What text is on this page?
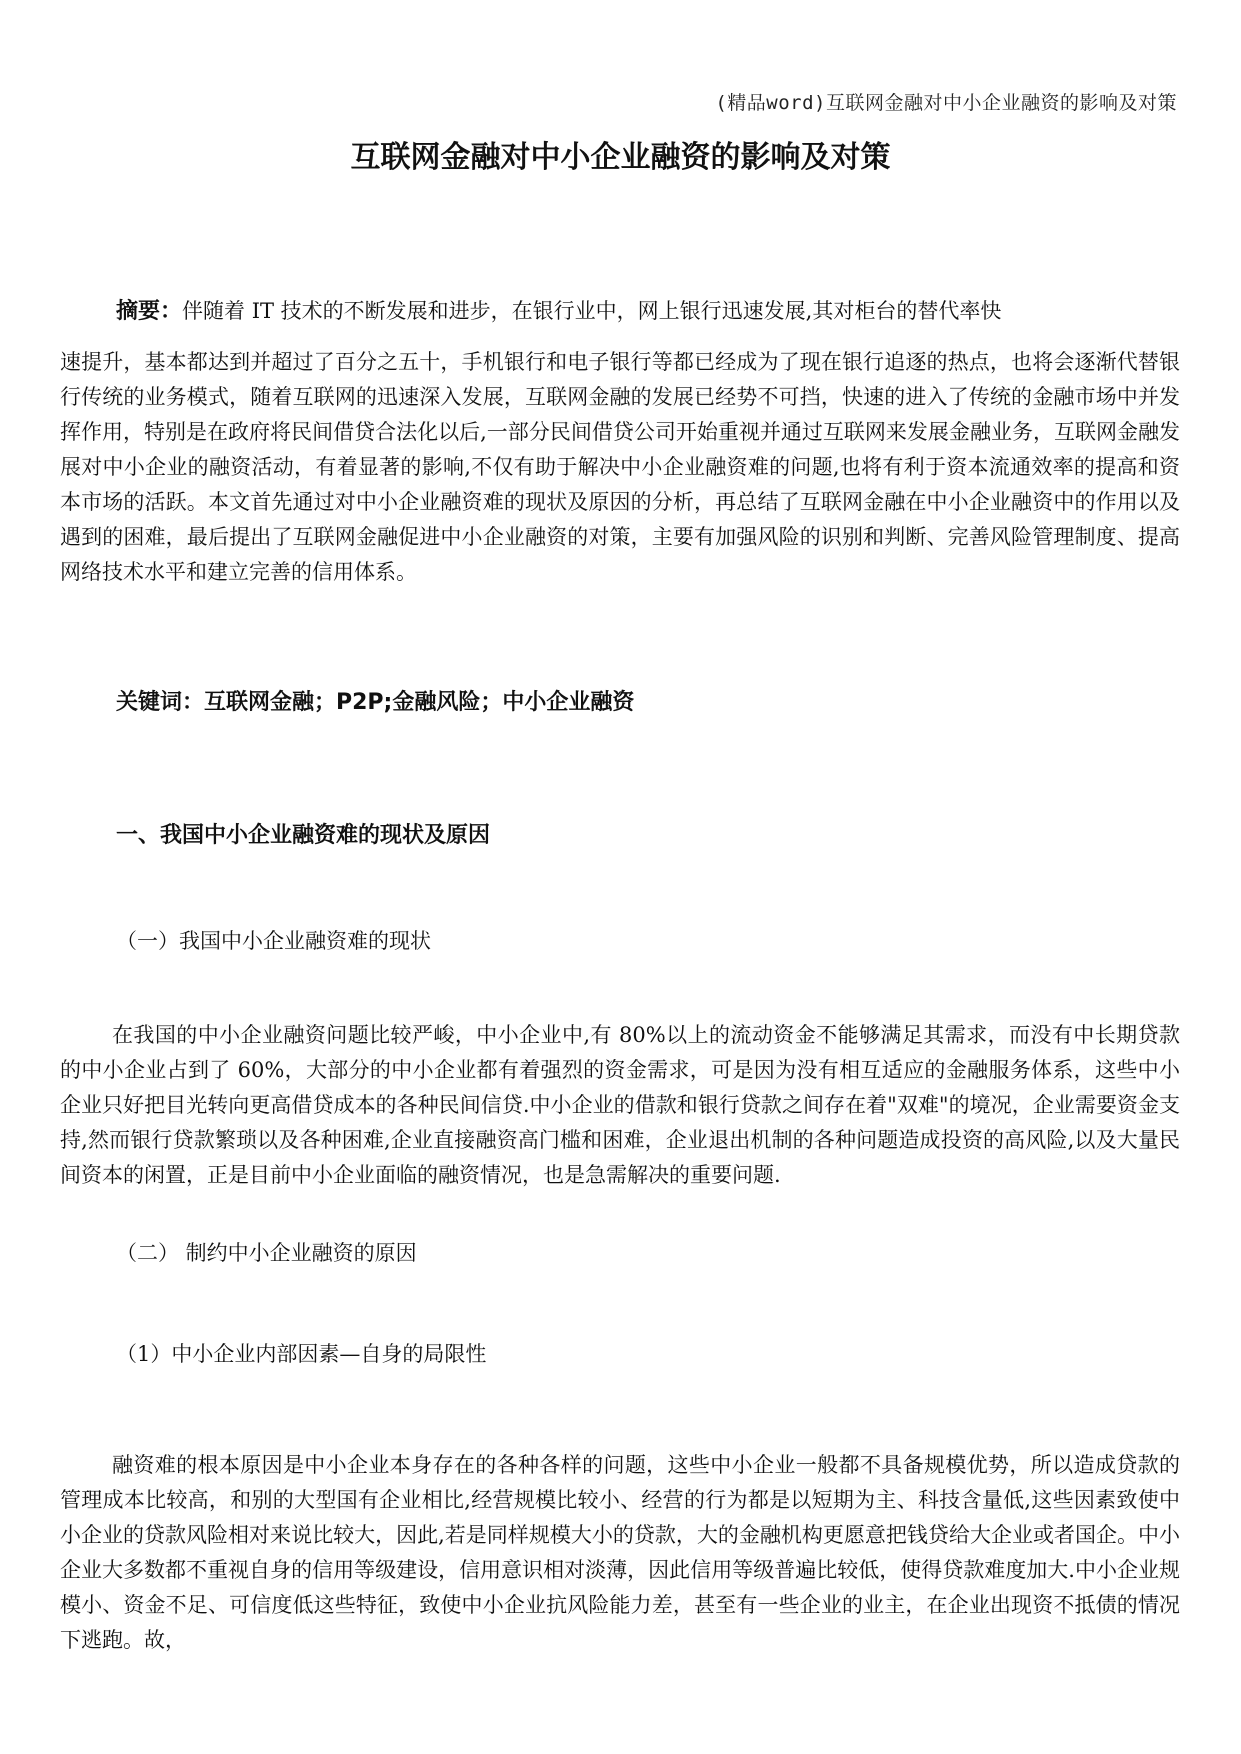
(精品word)互联网金融对中小企业融资的影响及对策
互联网金融对中小企业融资的影响及对策

摘要：伴随着 IT 技术的不断发展和进步，在银行业中，网上银行迅速发展,其对柜台的替代率快

速提升，基本都达到并超过了百分之五十，手机银行和电子银行等都已经成为了现在银行追逐的热点，也将会逐渐代替银行传统的业务模式，随着互联网的迅速深入发展，互联网金融的发展已经势不可挡，快速的进入了传统的金融市场中并发挥作用，特别是在政府将民间借贷合法化以后,一部分民间借贷公司开始重视并通过互联网来发展金融业务，互联网金融发展对中小企业的融资活动，有着显著的影响,不仅有助于解决中小企业融资难的问题,也将有利于资本流通效率的提高和资本市场的活跃。本文首先通过对中小企业融资难的现状及原因的分析，再总结了互联网金融在中小企业融资中的作用以及遇到的困难，最后提出了互联网金融促进中小企业融资的对策，主要有加强风险的识别和判断、完善风险管理制度、提高网络技术水平和建立完善的信用体系。

关键词：互联网金融；P2P;金融风险；中小企业融资
一、我国中小企业融资难的现状及原因
（一）我国中小企业融资难的现状

在我国的中小企业融资问题比较严峻，中小企业中,有 80%以上的流动资金不能够满足其需求，而没有中长期贷款的中小企业占到了 60%，大部分的中小企业都有着强烈的资金需求，可是因为没有相互适应的金融服务体系，这些中小企业只好把目光转向更高借贷成本的各种民间信贷.中小企业的借款和银行贷款之间存在着"双难"的境况，企业需要资金支持,然而银行贷款繁琐以及各种困难,企业直接融资高门槛和困难，企业退出机制的各种问题造成投资的高风险,以及大量民间资本的闲置，正是目前中小企业面临的融资情况，也是急需解决的重要问题.

（二） 制约中小企业融资的原因
（1）中小企业内部因素—自身的局限性

融资难的根本原因是中小企业本身存在的各种各样的问题，这些中小企业一般都不具备规模优势，所以造成贷款的管理成本比较高，和别的大型国有企业相比,经营规模比较小、经营的行为都是以短期为主、科技含量低,这些因素致使中小企业的贷款风险相对来说比较大，因此,若是同样规模大小的贷款，大的金融机构更愿意把钱贷给大企业或者国企。中小企业大多数都不重视自身的信用等级建设，信用意识相对淡薄，因此信用等级普遍比较低，使得贷款难度加大.中小企业规模小、资金不足、可信度低这些特征，致使中小企业抗风险能力差，甚至有一些企业的业主，在企业出现资不抵债的情况下逃跑。故，
